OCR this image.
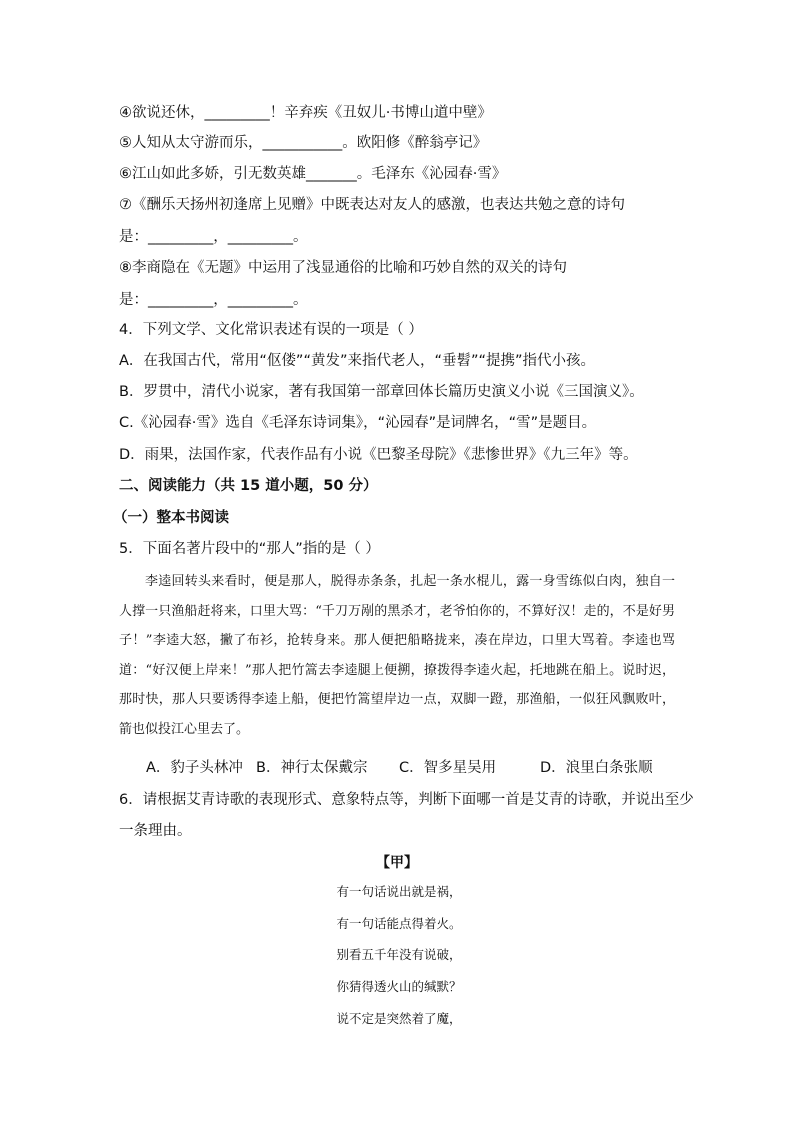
④欲说还休，_________！辛弃疾《丑奴儿·书博山道中壁》
⑤人知从太守游而乐，___________。欧阳修《醉翁亭记》
⑥江山如此多娇，引无数英雄_______。毛泽东《沁园春·雪》
⑦《酬乐天扬州初逢席上见赠》中既表达对友人的感激，也表达共勉之意的诗句
是：_________，_________。
⑧李商隐在《无题》中运用了浅显通俗的比喻和巧妙自然的双关的诗句
是：_________，_________。
4．下列文学、文化常识表述有误的一项是（ ）
A．在我国古代，常用“伛偻”“黄发”来指代老人，“垂髫”“提携”指代小孩。
B．罗贯中，清代小说家，著有我国第一部章回体长篇历史演义小说《三国演义》。
C.《沁园春·雪》选自《毛泽东诗词集》，“沁园春”是词牌名，“雪”是题目。
D．雨果，法国作家，代表作品有小说《巴黎圣母院》《悲惨世界》《九三年》等。
二、阅读能力（共 15 道小题，50 分）
（一）整本书阅读
5．下面名著片段中的“那人”指的是（ ）

李逵回转头来看时，便是那人，脱得赤条条，扎起一条水棍儿，露一身雪练似白肉，独自一人撑一只渔船赶将来，口里大骂：“千刀万剐的黑杀才，老爷怕你的，不算好汉！走的，不是好男子！”李逵大怒，撇了布衫，抢转身来。那人便把船略拢来，凑在岸边，口里大骂着。李逵也骂道：“好汉便上岸来！”那人把竹篙去李逵腿上便搠，撩拨得李逵火起，托地跳在船上。说时迟，那时快，那人只要诱得李逵上船，便把竹篙望岸边一点，双脚一蹬，那渔船，一似狂风飘败叶，箭也似投江心里去了。

A．豹子头林冲 B．神行太保戴宗 C．智多星吴用	D．浪里白条张顺
6．请根据艾青诗歌的表现形式、意象特点等，判断下面哪一首是艾青的诗歌，并说出至少
一条理由。
【甲】
有一句话说出就是祸，
有一句话能点得着火。
别看五千年没有说破，
你猜得透火山的缄默？
说不定是突然着了魔，
